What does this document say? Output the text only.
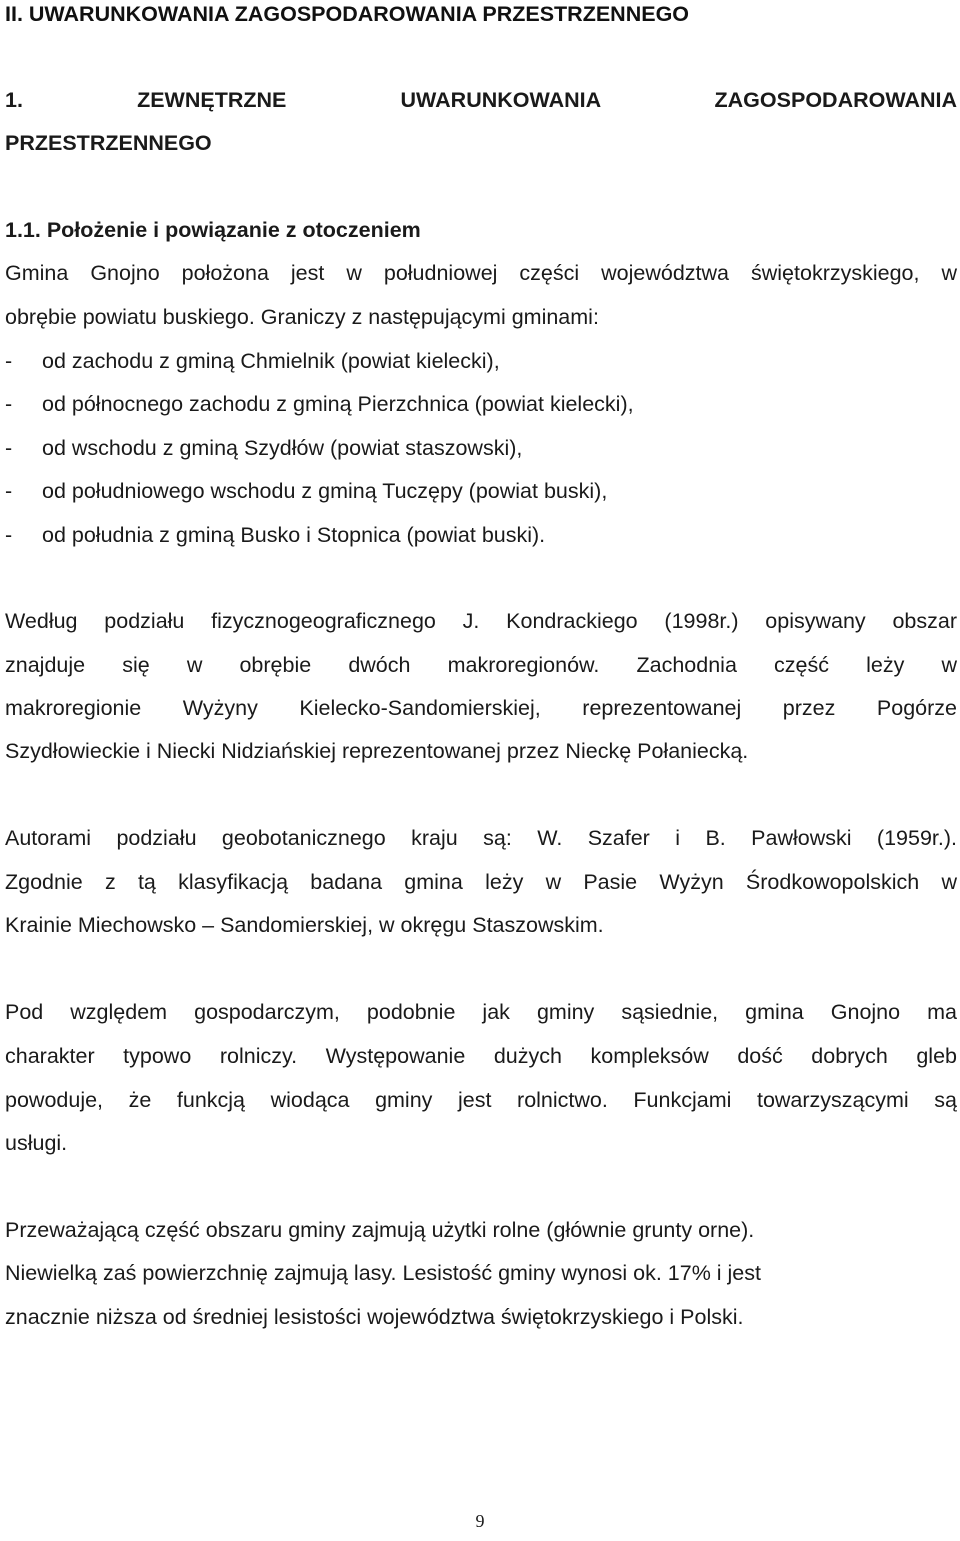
II. UWARUNKOWANIA ZAGOSPODAROWANIA PRZESTRZENNEGO
1. ZEWNĘTRZNE UWARUNKOWANIA ZAGOSPODAROWANIA
PRZESTRZENNEGO
1.1. Położenie i powiązanie z otoczeniem
Gmina Gnojno położona jest w południowej części województwa świętokrzyskiego, w
obrębie powiatu buskiego. Graniczy z następującymi gminami:
- od zachodu z gminą Chmielnik (powiat kielecki),
- od północnego zachodu z gminą Pierzchnica (powiat kielecki),
- od wschodu z gminą Szydłów (powiat staszowski),
- od południowego wschodu z gminą Tuczępy (powiat buski),
- od południa z gminą Busko i Stopnica (powiat buski).
Według podziału fizycznogeograficznego J. Kondrackiego (1998r.) opisywany obszar
znajduje się w obrębie dwóch makroregionów. Zachodnia część leży w
makroregionie Wyżyny Kielecko-Sandomierskiej, reprezentowanej przez Pogórze
Szydłowieckie i Niecki Nidziańskiej reprezentowanej przez Nieckę Połaniecką.
Autorami podziału geobotanicznego kraju są: W. Szafer i B. Pawłowski (1959r.).
Zgodnie z tą klasyfikacją badana gmina leży w Pasie Wyżyn Środkowopolskich w
Krainie Miechowsko – Sandomierskiej, w okręgu Staszowskim.
Pod względem gospodarczym, podobnie jak gminy sąsiednie, gmina Gnojno ma
charakter typowo rolniczy. Występowanie dużych kompleksów dość dobrych gleb
powoduje, że funkcją wiodąca gminy jest rolnictwo. Funkcjami towarzyszącymi są
usługi.
Przeważającą część obszaru gminy zajmują użytki rolne (głównie grunty orne).
Niewielką zaś powierzchnię zajmują lasy. Lesistość gminy wynosi ok. 17% i jest
znacznie niższa od średniej lesistości województwa świętokrzyskiego i Polski.
9
